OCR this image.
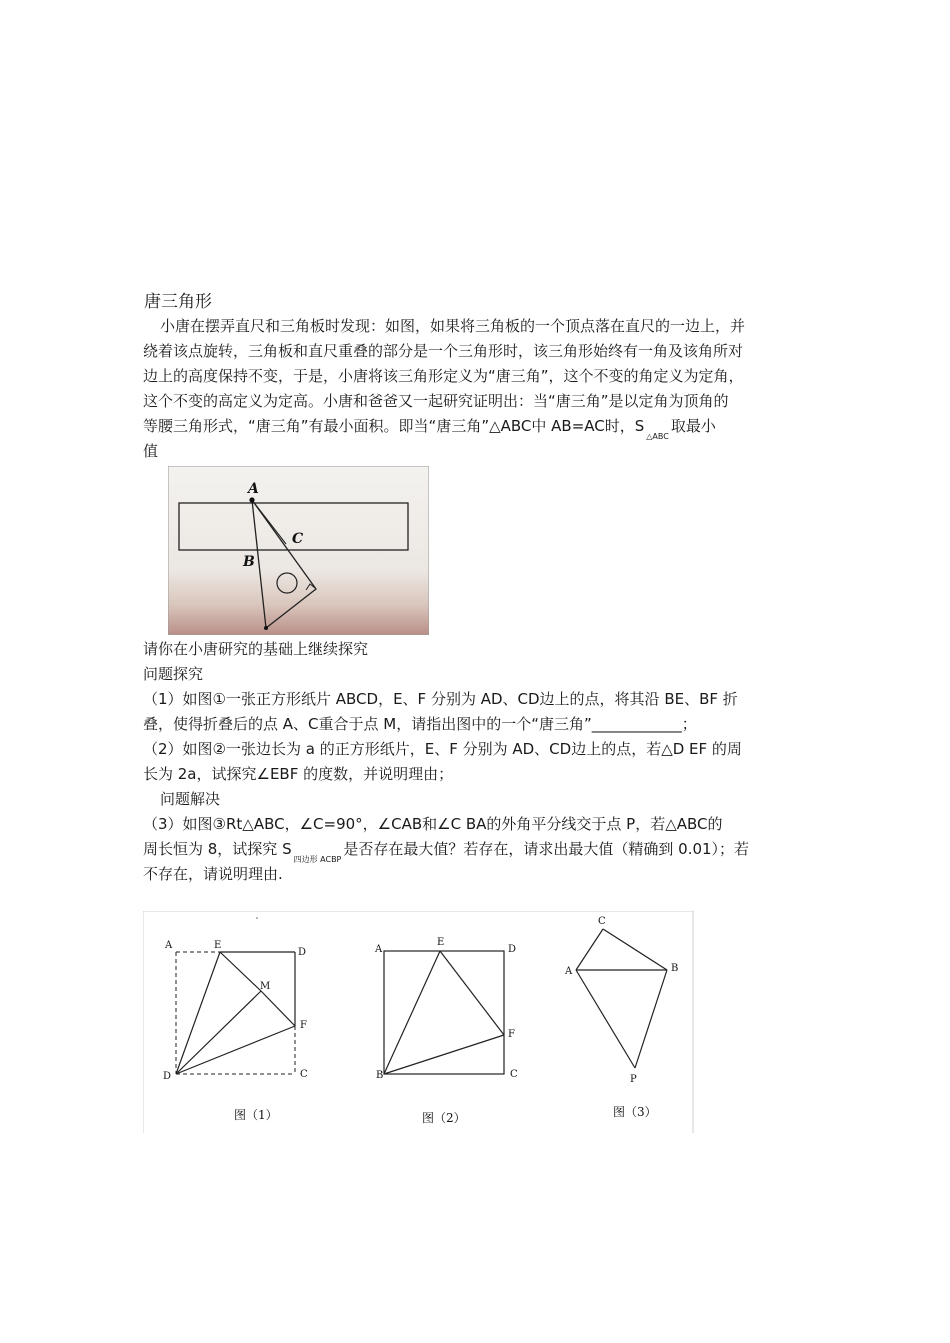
唐三角形
小唐在摆弄直尺和三角板时发现：如图，如果将三角板的一个顶点落在直尺的一边上，并
绕着该点旋转，三角板和直尺重叠的部分是一个三角形时，该三角形始终有一角及该角所对
边上的高度保持不变，于是，小唐将该三角形定义为“唐三角”，这个不变的角定义为定角，
这个不变的高定义为定高。小唐和爸爸又一起研究证明出：当“唐三角”是以定角为顶角的
等腰三角形式，“唐三角”有最小面积。即当“唐三角”△ABC中 AB=AC时，$S_{\triangle ABC}$取最小
值
A
B
C
请你在小唐研究的基础上继续探究
问题探究
（1）如图①一张正方形纸片 ABCD，E、F 分别为 AD、CD边上的点，将其沿 BE、BF 折
叠，使得折叠后的点 A、C重合于点 M，请指出图中的一个“唐三角”____________；
（2）如图②一张边长为 a 的正方形纸片，E、F 分别为 AD、CD边上的点，若△D EF 的周
长为 2a，试探究∠EBF 的度数，并说明理由；
问题解决
（3）如图③Rt△ABC，∠C=90°，∠CAB和∠C BA的外角平分线交于点 P，若△ABC的
周长恒为 8，试探究 $S_{四边形 ACBP}$是否存在最大值？若存在，请求出最大值（精确到 0.01）；若
不存在，请说明理由.
A	E
D
M
F
D	C
图（1）
A
E
D
F
B	C
图（2）
C
A	B
P
图（3）
